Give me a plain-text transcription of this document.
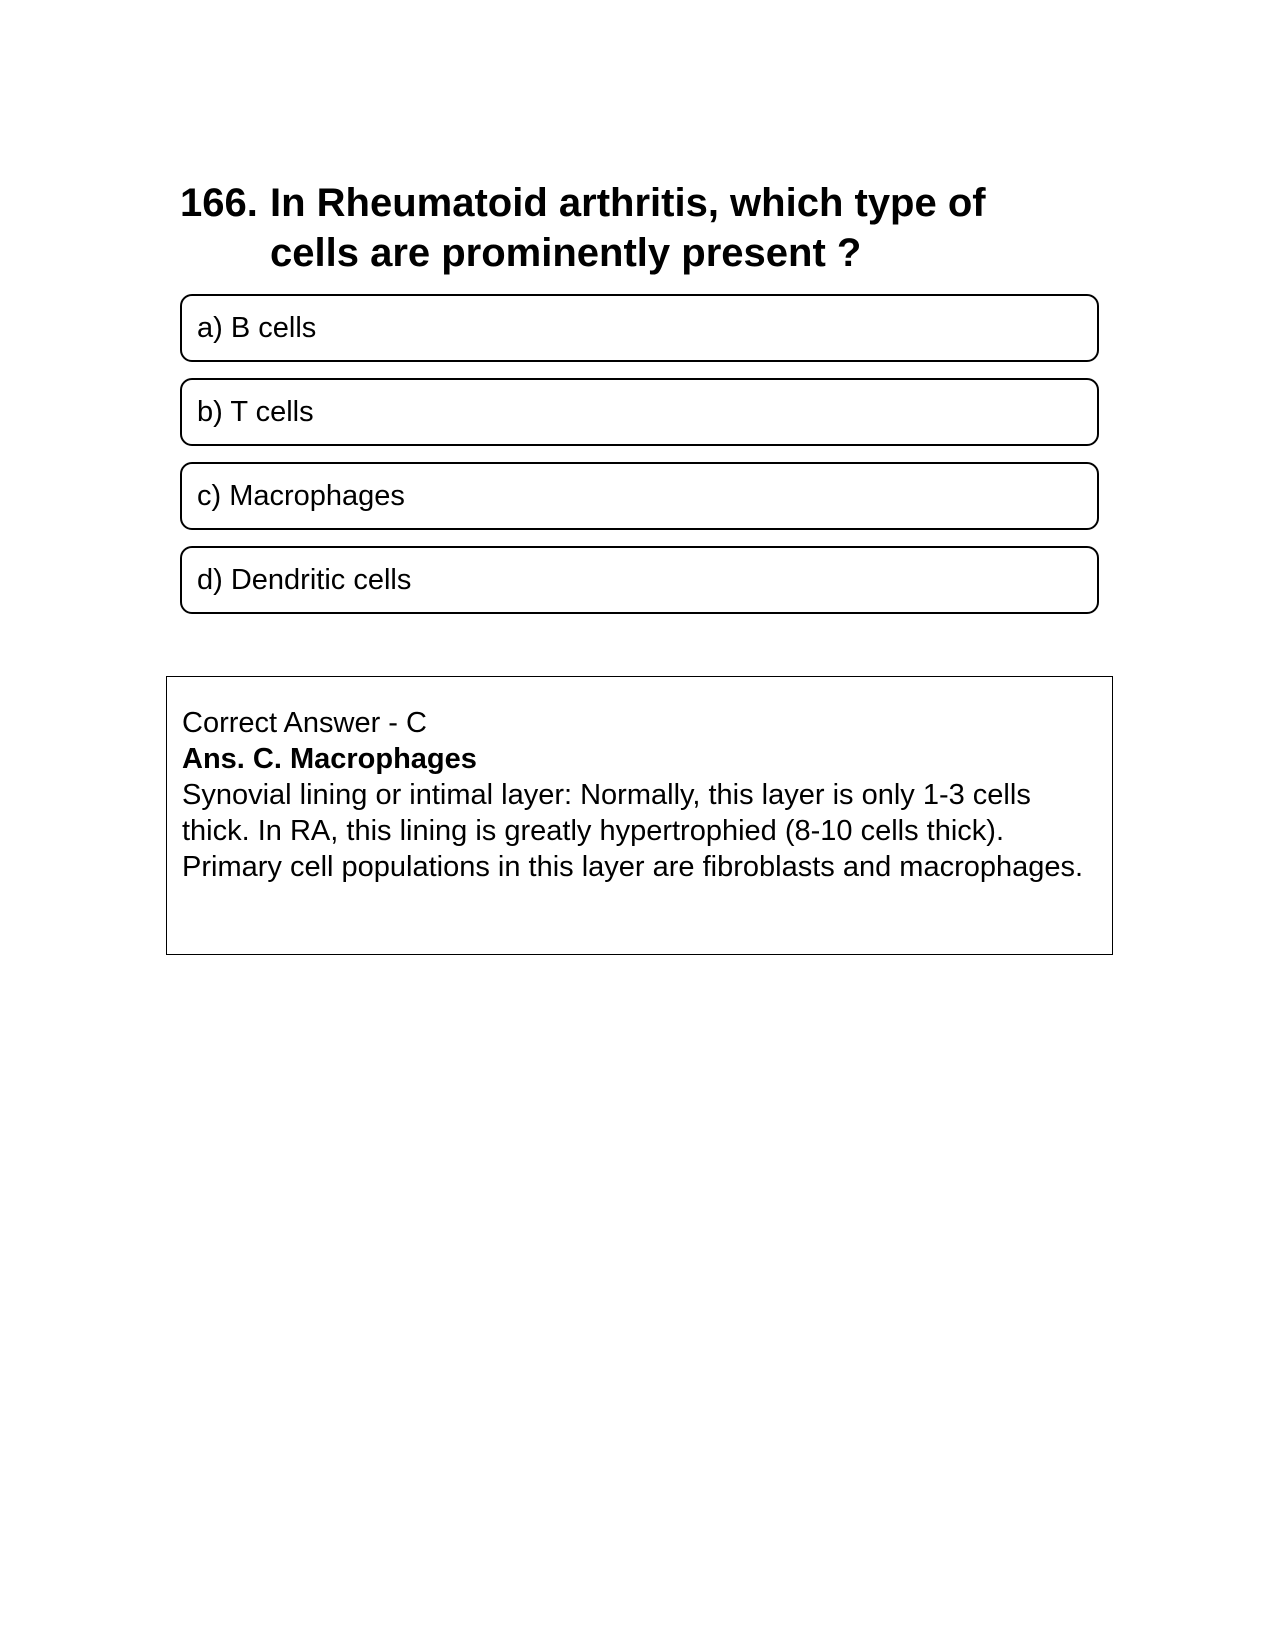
166. In Rheumatoid arthritis, which type of cells are prominently present ?
a) B cells
b) T cells
c) Macrophages
d) Dendritic cells
Correct Answer - C
Ans. C. Macrophages
Synovial lining or intimal layer: Normally, this layer is only 1-3 cells thick. In RA, this lining is greatly hypertrophied (8-10 cells thick). Primary cell populations in this layer are fibroblasts and macrophages.
